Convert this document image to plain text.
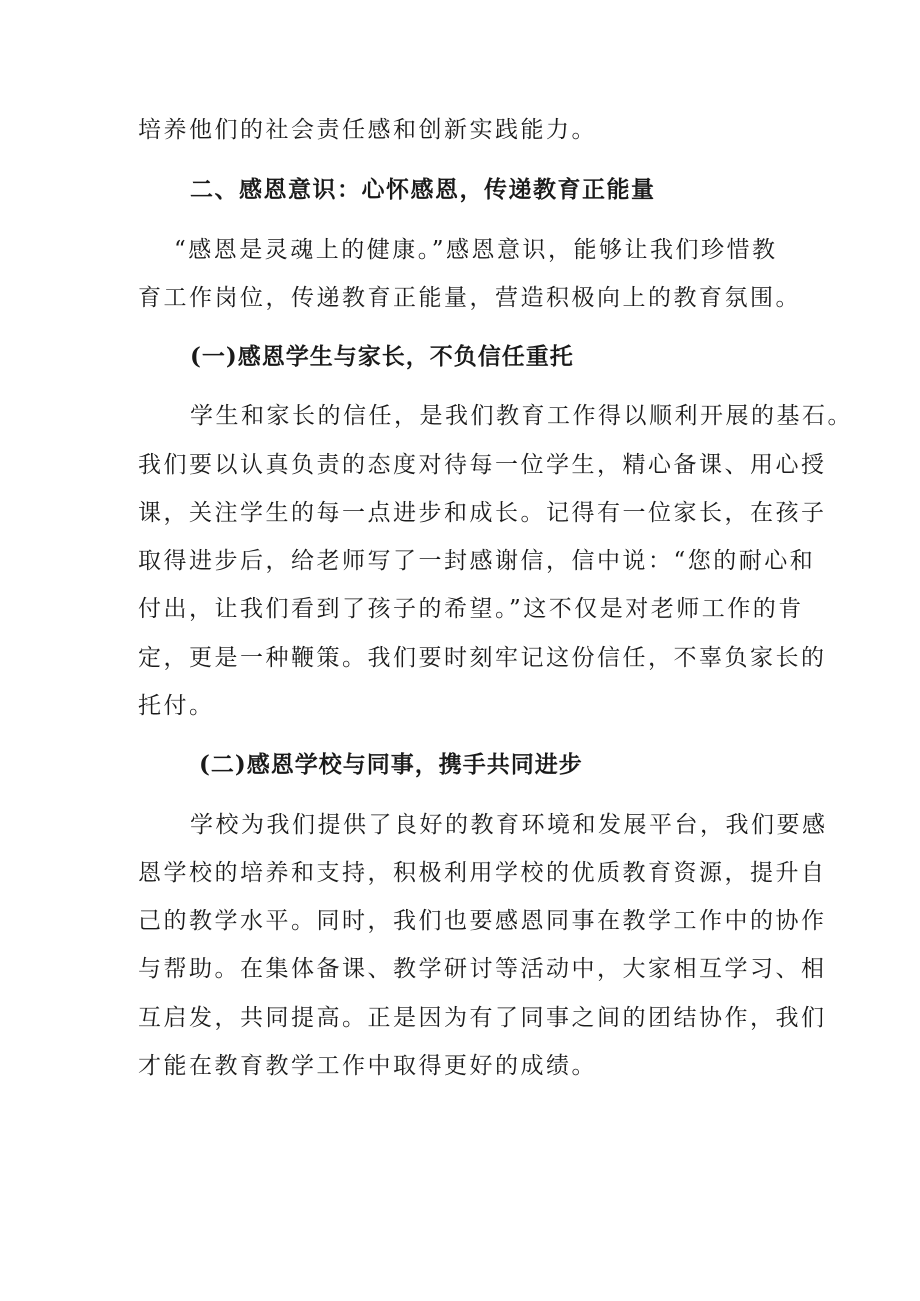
培养他们的社会责任感和创新实践能力。

二、感恩意识：心怀感恩，传递教育正能量

“感恩是灵魂上的健康。”感恩意识，能够让我们珍惜教

育工作岗位，传递教育正能量，营造积极向上的教育氛围。

(一)感恩学生与家长，不负信任重托

学生和家长的信任，是我们教育工作得以顺利开展的基石。

我们要以认真负责的态度对待每一位学生，精心备课、用心授

课，关注学生的每一点进步和成长。记得有一位家长，在孩子

取得进步后，给老师写了一封感谢信，信中说：“您的耐心和

付出，让我们看到了孩子的希望。”这不仅是对老师工作的肯

定，更是一种鞭策。我们要时刻牢记这份信任，不辜负家长的

托付。

(二)感恩学校与同事，携手共同进步

学校为我们提供了良好的教育环境和发展平台，我们要感

恩学校的培养和支持，积极利用学校的优质教育资源，提升自

己的教学水平。同时，我们也要感恩同事在教学工作中的协作

与帮助。在集体备课、教学研讨等活动中，大家相互学习、相

互启发，共同提高。正是因为有了同事之间的团结协作，我们

才能在教育教学工作中取得更好的成绩。
